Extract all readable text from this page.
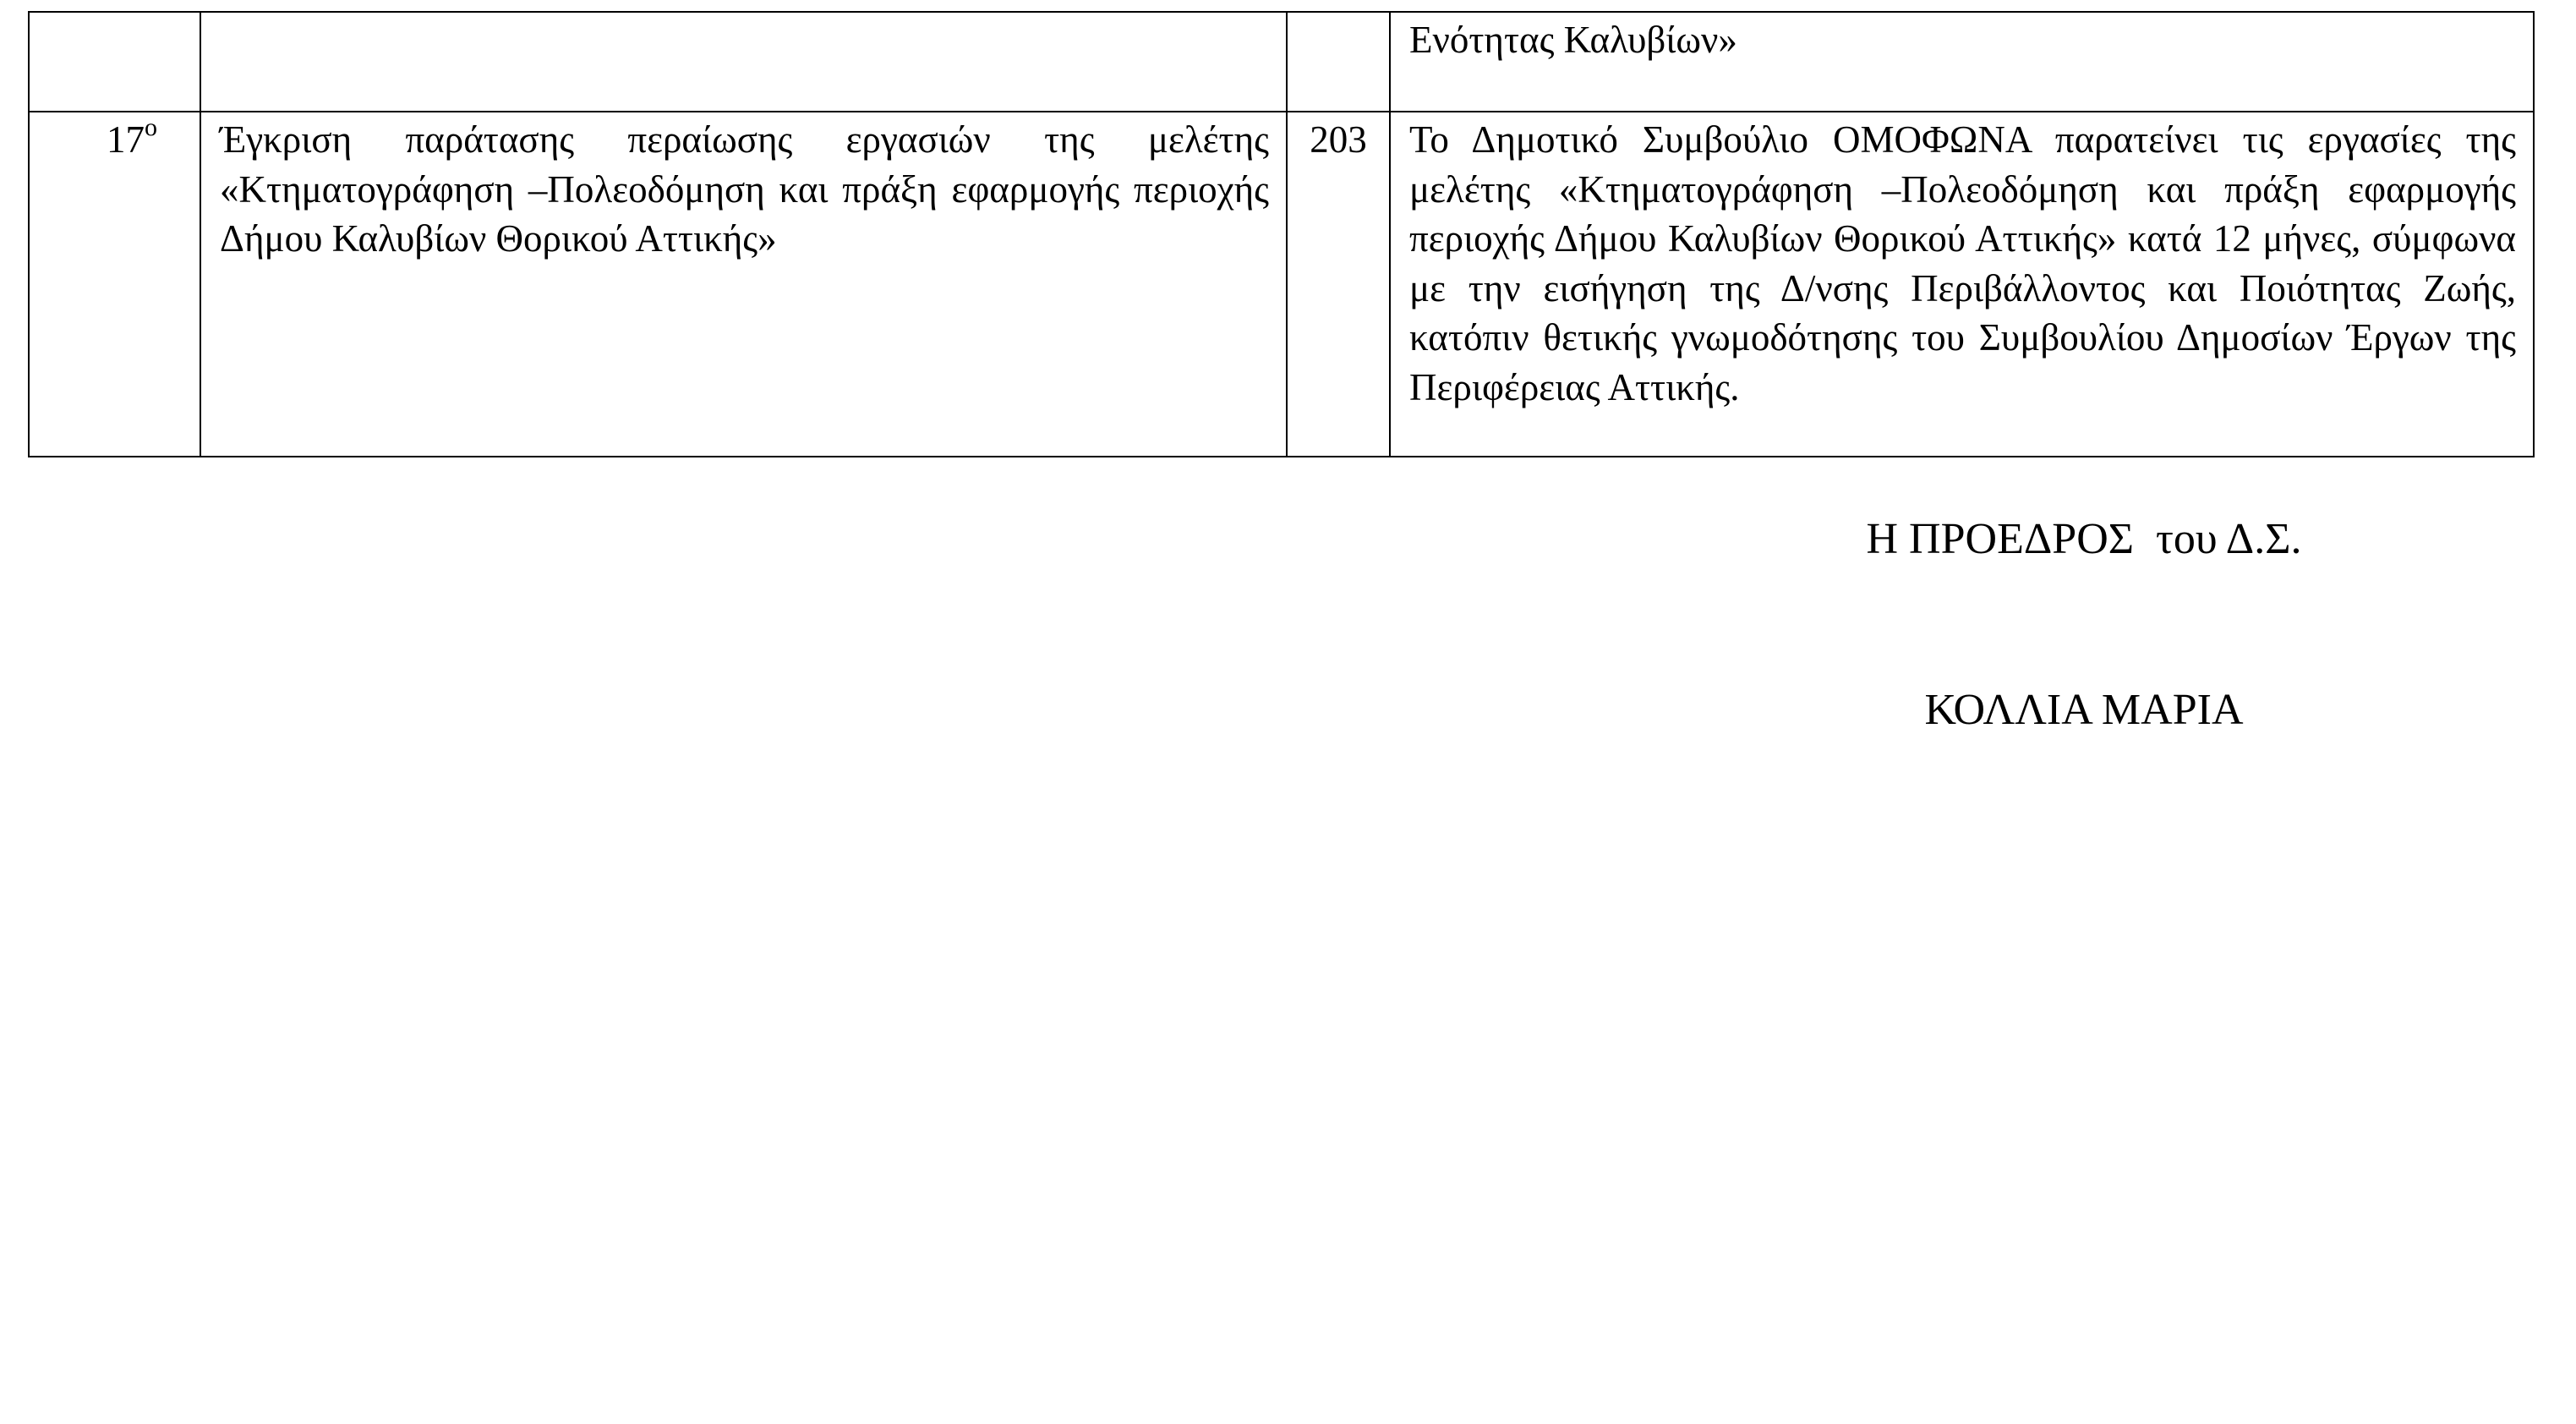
			Ενότητας Καλυβίων»

$17^o$	Έγκριση παράτασης περαίωσης εργασιών της μελέτης «Κτηματογράφηση –Πολεοδόμηση και πράξη εφαρμογής περιοχής Δήμου Καλυβίων Θορικού Αττικής»	203	Το Δημοτικό Συμβούλιο ΟΜΟΦΩΝΑ παρατείνει τις εργασίες της μελέτης «Κτηματογράφηση –Πολεοδόμηση και πράξη εφαρμογής περιοχής Δήμου Καλυβίων Θορικού Αττικής» κατά 12 μήνες, σύμφωνα με την εισήγηση της Δ/νσης Περιβάλλοντος και Ποιότητας Ζωής, κατόπιν θετικής γνωμοδότησης του Συμβουλίου Δημοσίων Έργων της Περιφέρειας Αττικής.
Η ΠΡΟΕΔΡΟΣ  του Δ.Σ.
ΚΟΛΛΙΑ ΜΑΡΙΑ
